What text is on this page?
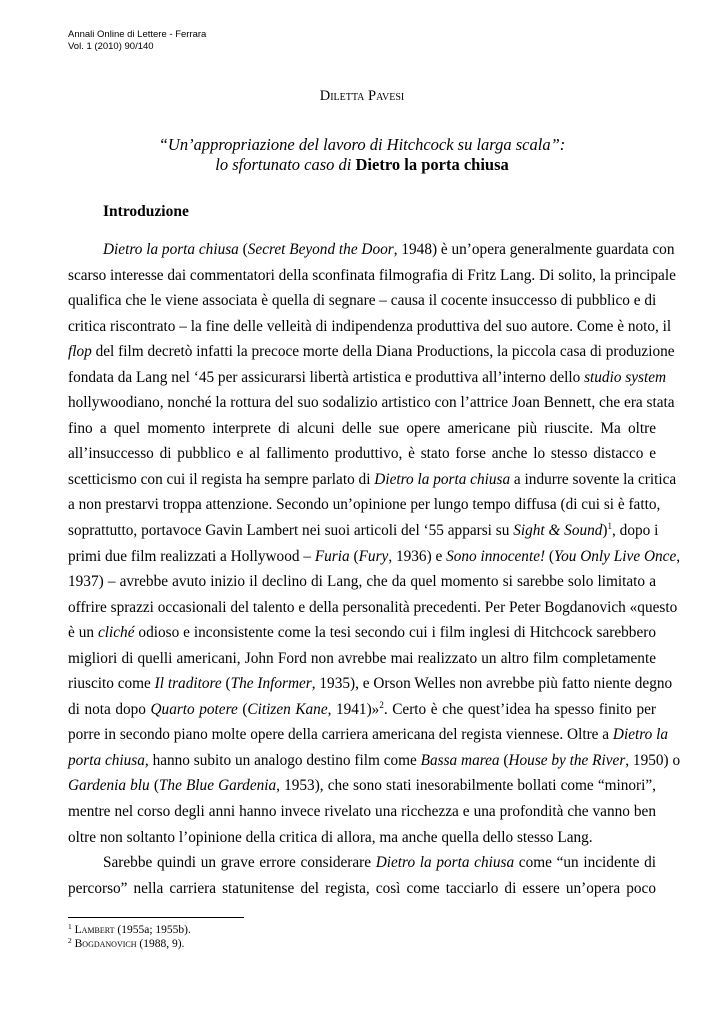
Annali Online di Lettere - Ferrara
Vol. 1 (2010) 90/140
Diletta Pavesi
“Un’appropriazione del lavoro di Hitchcock su larga scala”:
lo sfortunato caso di Dietro la porta chiusa
Introduzione
Dietro la porta chiusa (Secret Beyond the Door, 1948) è un’opera generalmente guardata con
scarso interesse dai commentatori della sconfinata filmografia di Fritz Lang. Di solito, la principale
qualifica che le viene associata è quella di segnare – causa il cocente insuccesso di pubblico e di
critica riscontrato – la fine delle velleità di indipendenza produttiva del suo autore. Come è noto, il
flop del film decretò infatti la precoce morte della Diana Productions, la piccola casa di produzione
fondata da Lang nel ‘45 per assicurarsi libertà artistica e produttiva all’interno dello studio system
hollywoodiano, nonché la rottura del suo sodalizio artistico con l’attrice Joan Bennett, che era stata
fino a quel momento interprete di alcuni delle sue opere americane più riuscite. Ma oltre
all’insuccesso di pubblico e al fallimento produttivo, è stato forse anche lo stesso distacco e
scetticismo con cui il regista ha sempre parlato di Dietro la porta chiusa a indurre sovente la critica
a non prestarvi troppa attenzione. Secondo un’opinione per lungo tempo diffusa (di cui si è fatto,
soprattutto, portavoce Gavin Lambert nei suoi articoli del ‘55 apparsi su Sight & Sound)$^1$, dopo i
primi due film realizzati a Hollywood – Furia (Fury, 1936) e Sono innocente! (You Only Live Once,
1937) – avrebbe avuto inizio il declino di Lang, che da quel momento si sarebbe solo limitato a
offrire sprazzi occasionali del talento e della personalità precedenti. Per Peter Bogdanovich «questo
è un cliché odioso e inconsistente come la tesi secondo cui i film inglesi di Hitchcock sarebbero
migliori di quelli americani, John Ford non avrebbe mai realizzato un altro film completamente
riuscito come Il traditore (The Informer, 1935), e Orson Welles non avrebbe più fatto niente degno
di nota dopo Quarto potere (Citizen Kane, 1941)»$^2$. Certo è che quest’idea ha spesso finito per
porre in secondo piano molte opere della carriera americana del regista viennese. Oltre a Dietro la
porta chiusa, hanno subito un analogo destino film come Bassa marea (House by the River, 1950) o
Gardenia blu (The Blue Gardenia, 1953), che sono stati inesorabilmente bollati come “minori”,
mentre nel corso degli anni hanno invece rivelato una ricchezza e una profondità che vanno ben
oltre non soltanto l’opinione della critica di allora, ma anche quella dello stesso Lang.
Sarebbe quindi un grave errore considerare Dietro la porta chiusa come “un incidente di
percorso” nella carriera statunitense del regista, così come tacciarlo di essere un’opera poco
$^1$ Lambert (1955a; 1955b).
$^2$ Bogdanovich (1988, 9).
